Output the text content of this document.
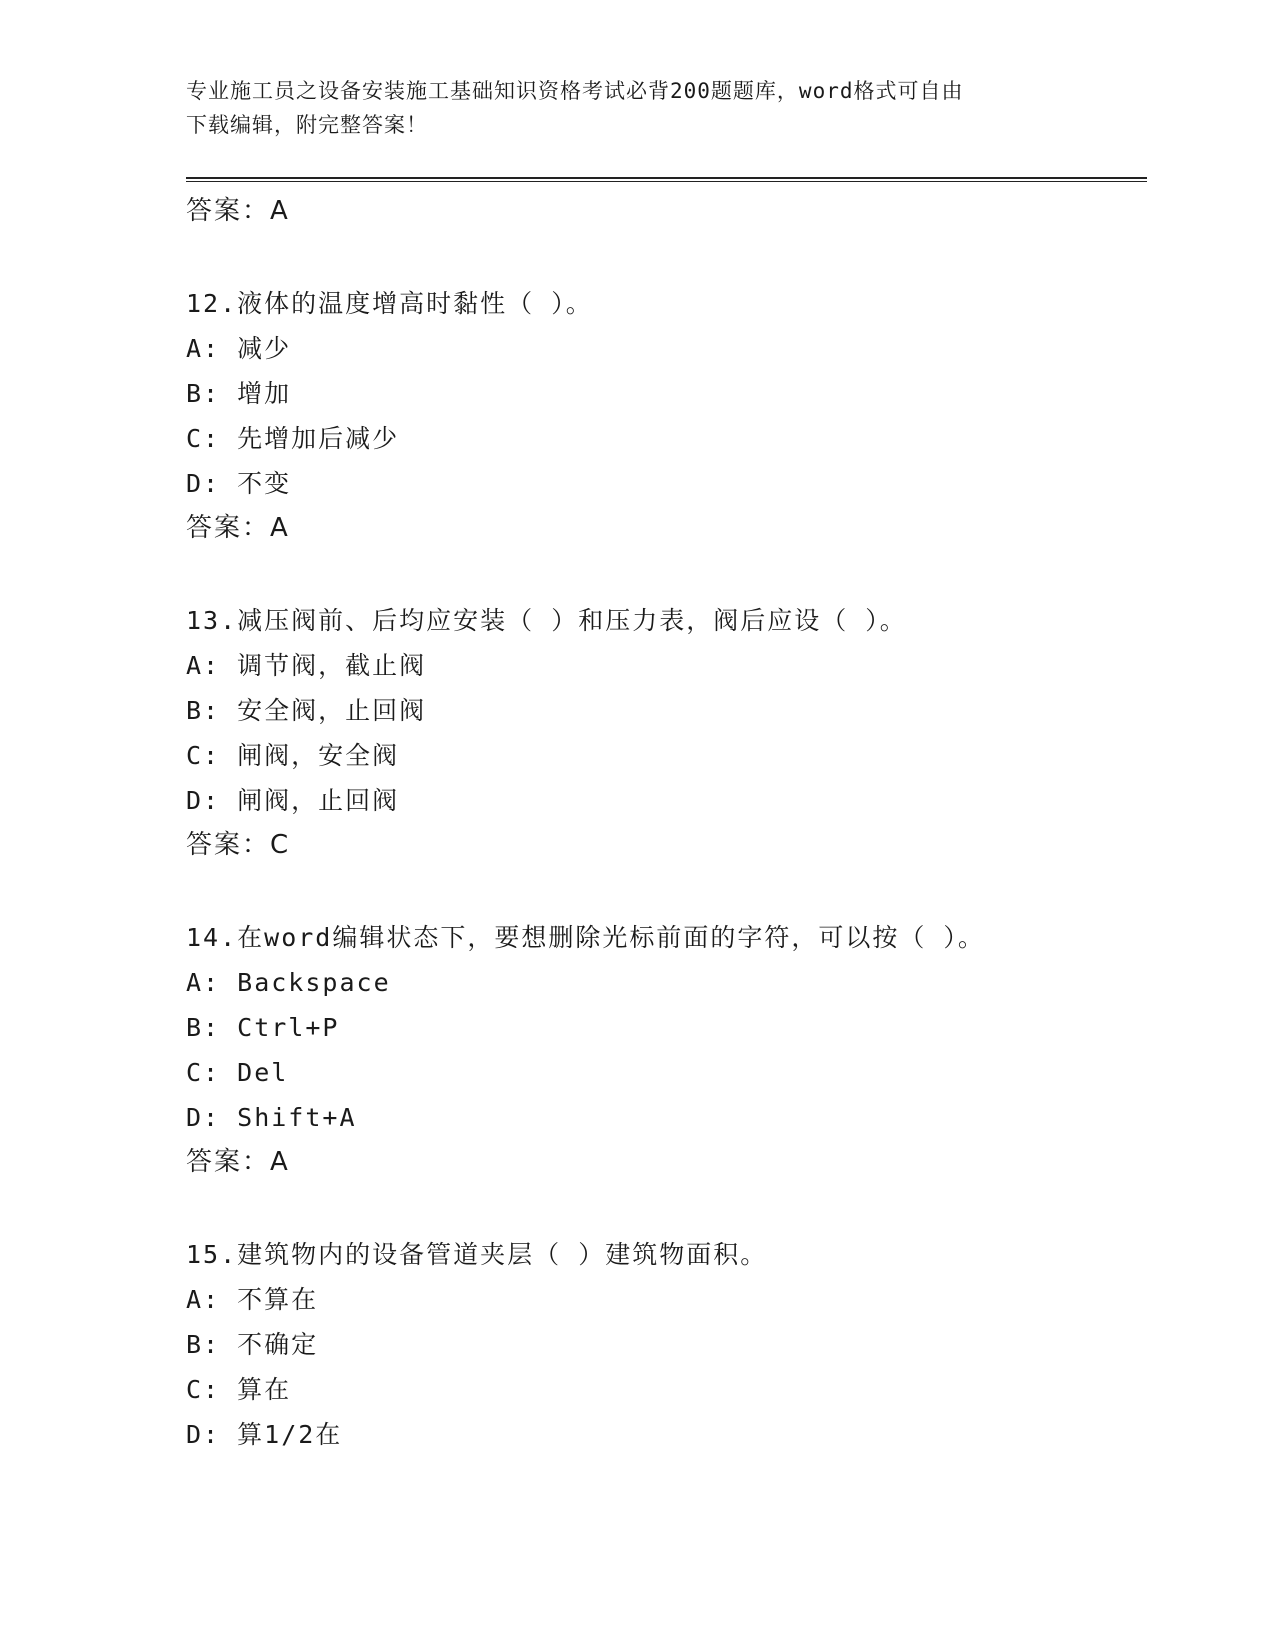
专业施工员之设备安装施工基础知识资格考试必背200题题库，word格式可自由
下载编辑，附完整答案！
答案：A
12.液体的温度增高时黏性（ ）。
A: 减少
B: 增加
C: 先增加后减少
D: 不变
答案：A
13.减压阀前、后均应安装（ ）和压力表，阀后应设（ ）。
A: 调节阀，截止阀
B: 安全阀，止回阀
C: 闸阀，安全阀
D: 闸阀，止回阀
答案：C
14.在word编辑状态下，要想删除光标前面的字符，可以按（ ）。
A: Backspace
B: Ctrl+P
C: Del
D: Shift+A
答案：A
15.建筑物内的设备管道夹层（ ）建筑物面积。
A: 不算在
B: 不确定
C: 算在
D: 算1/2在
